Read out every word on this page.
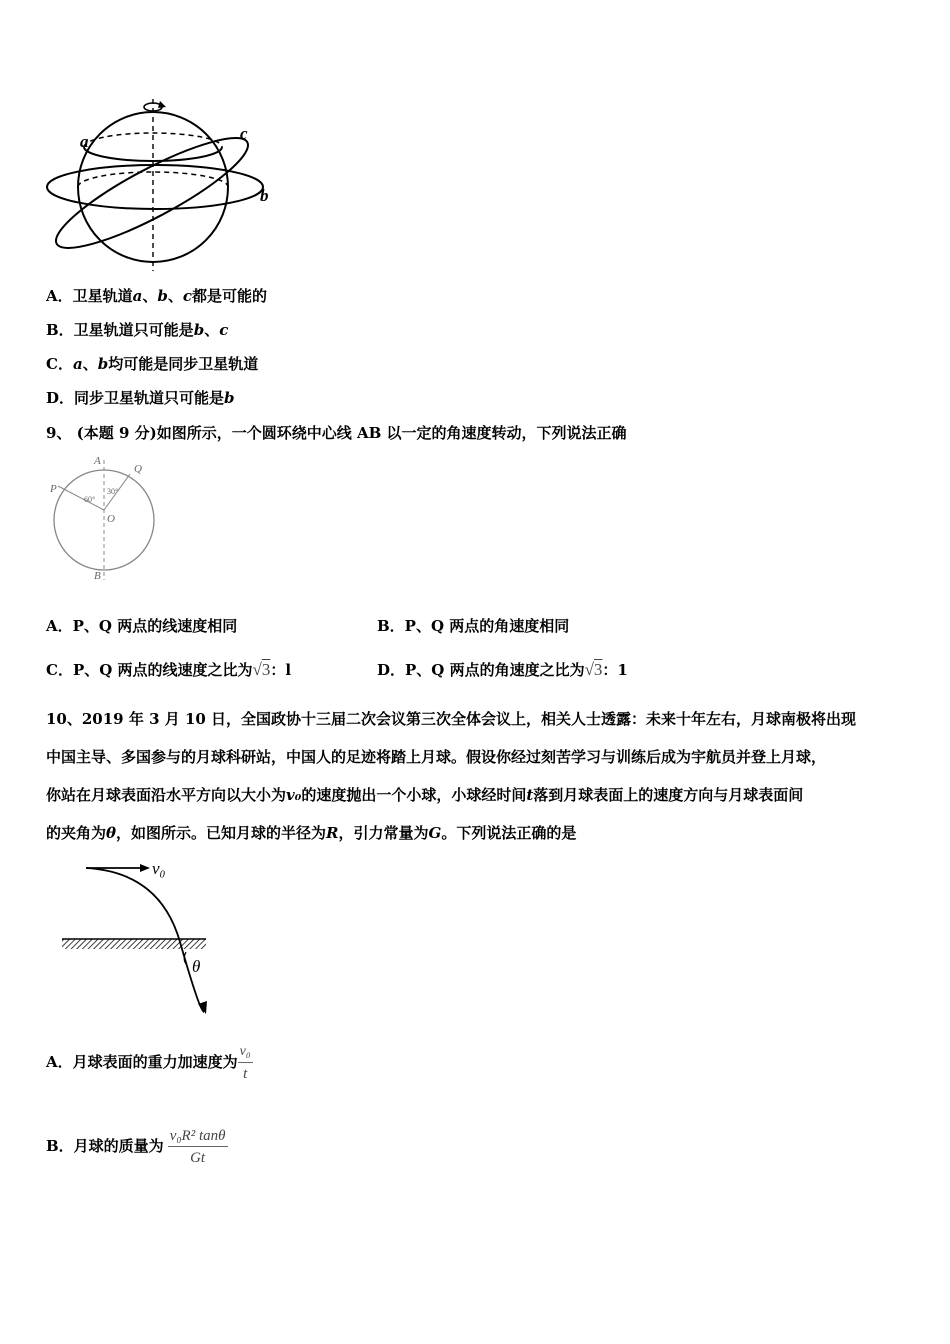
a	c
b
A．卫星轨道a、b、c都是可能的
B．卫星轨道只可能是b、c
C．a、b均可能是同步卫星轨道
D．同步卫星轨道只可能是b
9、 (本题 9 分)如图所示，一个圆环绕中心线 AB 以一定的角速度转动，下列说法正确
A
B
P
Q
O
60°
30°
A．P、Q 两点的线速度相同	B．P、Q 两点的角速度相同
C．P、Q 两点的线速度之比为√3：l	D．P、Q 两点的角速度之比为√3：1
10、2019 年 3 月 10 日，全国政协十三届二次会议第三次全体会议上，相关人士透露：未来十年左右，月球南极将出现
中国主导、多国参与的月球科研站，中国人的足迹将踏上月球。假设你经过刻苦学习与训练后成为宇航员并登上月球，
你站在月球表面沿水平方向以大小为v₀的速度抛出一个小球，小球经时间t落到月球表面上的速度方向与月球表面间
的夹角为θ，如图所示。已知月球的半径为R，引力常量为G。下列说法正确的是
v₀
θ
A．月球表面的重力加速度为 $\frac{\text{v₀}}{t}$
B．月球的质量为 $\frac{\text{v₀R² tanθ}}{Gt}$
